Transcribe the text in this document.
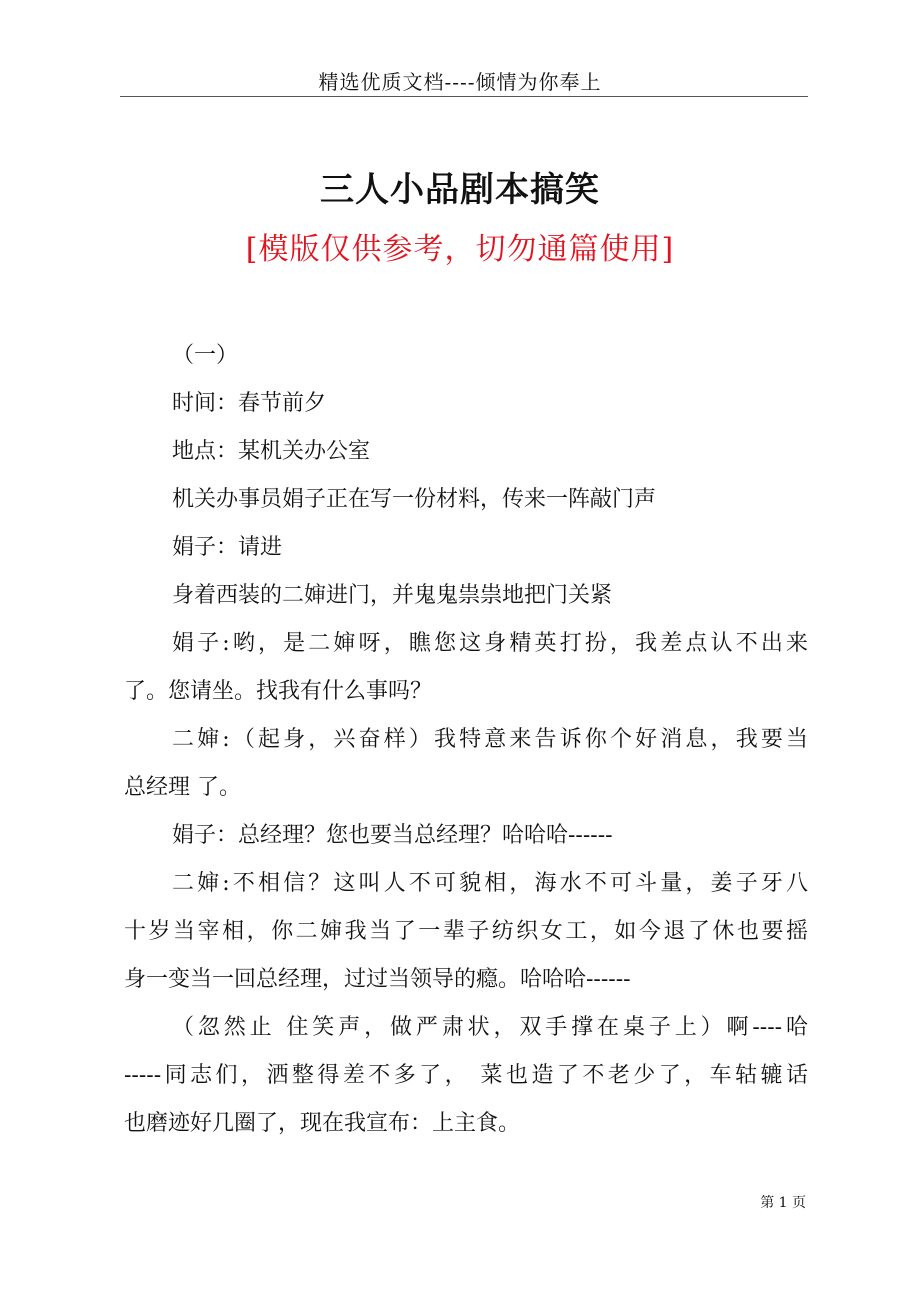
精选优质文档----倾情为你奉上
三人小品剧本搞笑
[模版仅供参考，切勿通篇使用]
（一）
时间：春节前夕
地点：某机关办公室
机关办事员娟子正在写一份材料，传来一阵敲门声
娟子：请进
身着西装的二婶进门，并鬼鬼祟祟地把门关紧
娟子:哟，是二婶呀，瞧您这身精英打扮，我差点认不出来
了。您请坐。找我有什么事吗？
二婶:（起身，兴奋样）我特意来告诉你个好消息，我要当
总经理 了。
娟子：总经理？您也要当总经理？哈哈哈------
二婶:不相信？这叫人不可貌相，海水不可斗量，姜子牙八
十岁当宰相，你二婶我当了一辈子纺织女工，如今退了休也要摇
身一变当一回总经理，过过当领导的瘾。哈哈哈------
（忽然止 住笑声，做严肃状，双手撑在桌子上）啊----哈
-----同志们，洒整得差不多了， 菜也造了不老少了，车轱辘话
也磨迹好几圈了，现在我宣布：上主食。
第 1 页
